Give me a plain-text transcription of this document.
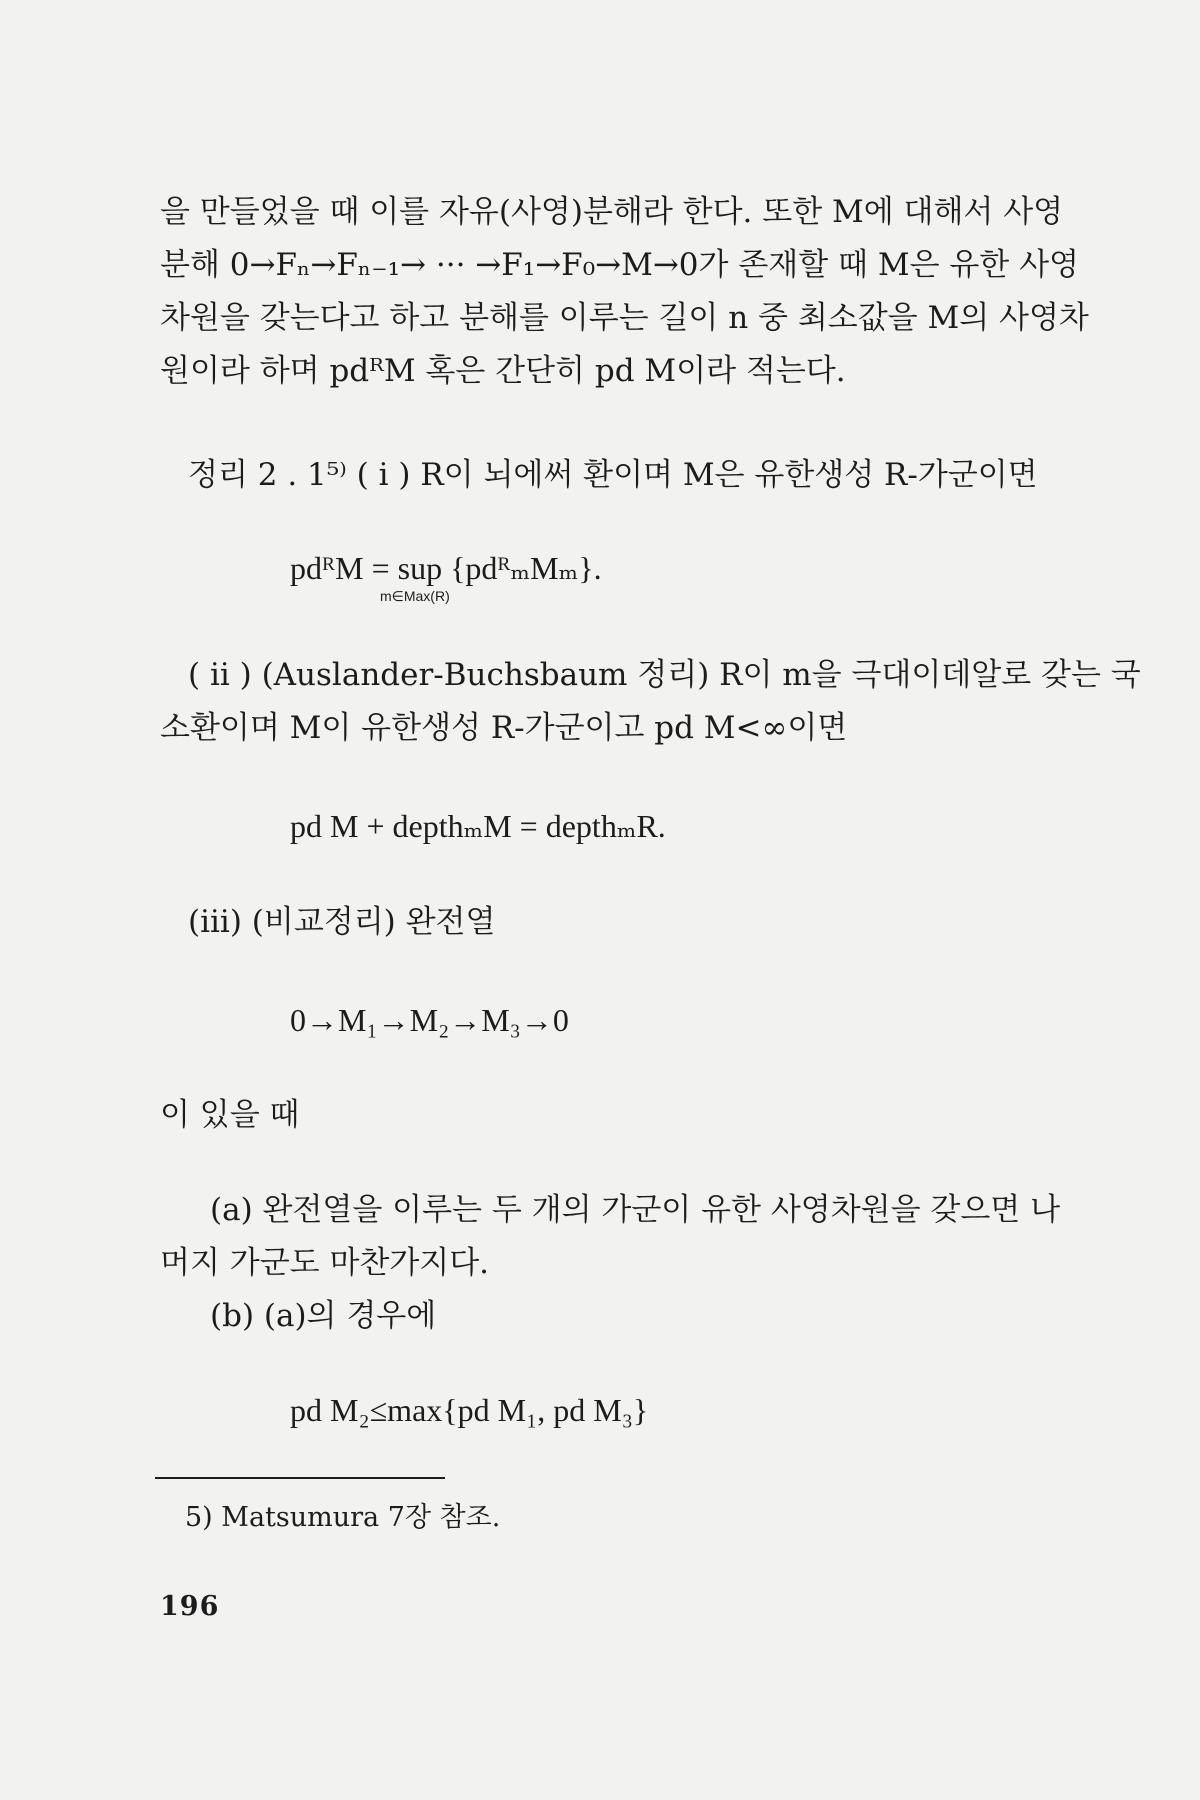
을 만들었을 때 이를 자유(사영)분해라 한다. 또한 M에 대해서 사영
분해 0→Fₙ→Fₙ₋₁→ ··· →F₁→F₀→M→0가 존재할 때 M은 유한 사영
차원을 갖는다고 하고 분해를 이루는 길이 n 중 최소값을 M의 사영차
원이라 하며 pdᴿM 혹은 간단히 pd M이라 적는다.
정리 2 . 1⁵⁾ ( i ) R이 뇌에써 환이며 M은 유한생성 R-가군이면
pdᴿM = sup {pdᴿₘMₘ}.
m∈Max(R)
( ii ) (Auslander-Buchsbaum 정리) R이 m을 극대이데알로 갖는 국
소환이며 M이 유한생성 R-가군이고 pd M<∞이면
pd M + depthₘM = depthₘR.
(iii) (비교정리) 완전열
0→M₁→M₂→M₃→0
이 있을 때
(a) 완전열을 이루는 두 개의 가군이 유한 사영차원을 갖으면 나
머지 가군도 마찬가지다.
(b) (a)의 경우에
pd M₂≤max{pd M₁, pd M₃}
5) Matsumura 7장 참조.
196
